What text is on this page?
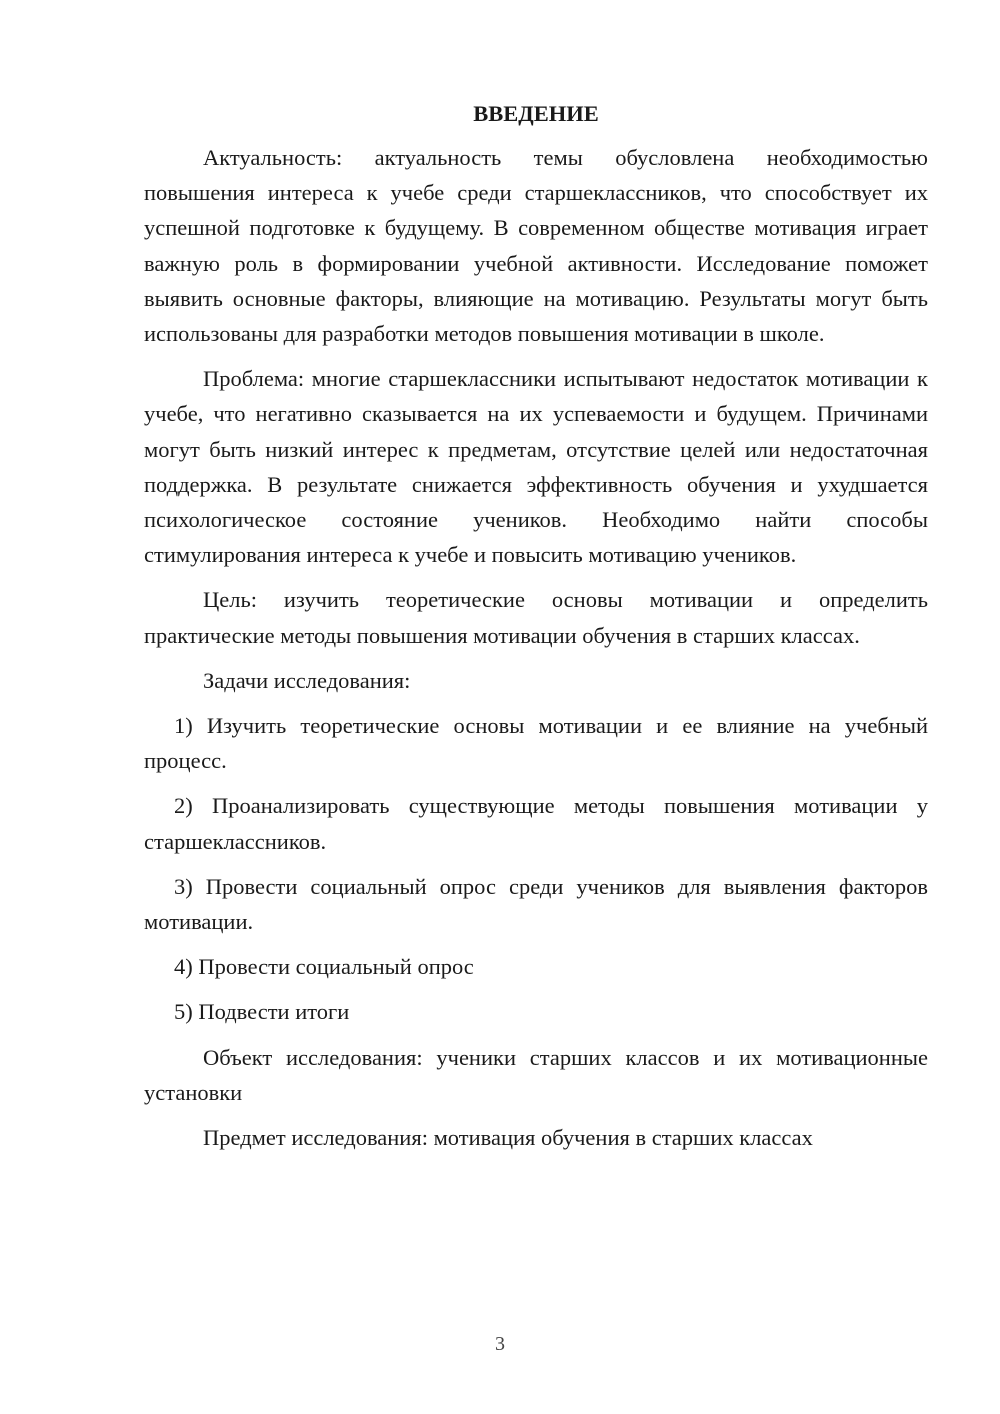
ВВЕДЕНИЕ

Актуальность: актуальность темы обусловлена необходимостью повышения интереса к учебе среди старшеклассников, что способствует их успешной подготовке к будущему. В современном обществе мотивация играет важную роль в формировании учебной активности. Исследование поможет выявить основные факторы, влияющие на мотивацию. Результаты могут быть использованы для разработки методов повышения мотивации в школе.

Проблема: многие старшеклассники испытывают недостаток мотивации к учебе, что негативно сказывается на их успеваемости и будущем. Причинами могут быть низкий интерес к предметам, отсутствие целей или недостаточная поддержка. В результате снижается эффективность обучения и ухудшается психологическое состояние учеников. Необходимо найти способы стимулирования интереса к учебе и повысить мотивацию учеников.

Цель: изучить теоретические основы мотивации и определить практические методы повышения мотивации обучения в старших классах.

Задачи исследования:

1) Изучить теоретические основы мотивации и ее влияние на учебный процесс.

2) Проанализировать существующие методы повышения мотивации у старшеклассников.

3) Провести социальный опрос среди учеников для выявления факторов мотивации.

4) Провести социальный опрос

5) Подвести итоги

Объект исследования: ученики старших классов и их мотивационные установки

Предмет исследования: мотивация обучения в старших классах

3
